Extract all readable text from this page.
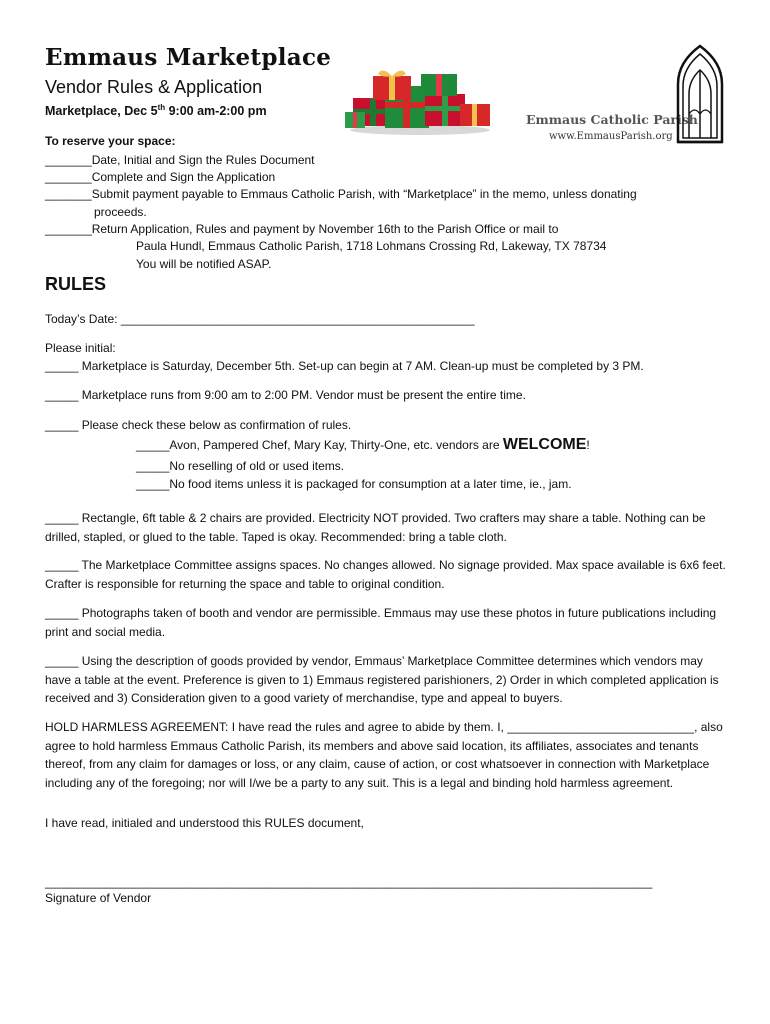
Emmaus Marketplace
Vendor Rules & Application
Marketplace, Dec 5th 9:00 am-2:00 pm
Emmaus Catholic Parish
www.EmmausParish.org
To reserve your space:
_______Date, Initial and Sign the Rules Document
_______Complete and Sign the Application
_______Submit payment payable to Emmaus Catholic Parish, with “Marketplace” in the memo, unless donating
proceeds.
_______Return Application, Rules and payment by November 16th to the Parish Office or mail to
Paula Hundl, Emmaus Catholic Parish, 1718 Lohmans Crossing Rd, Lakeway, TX 78734
You will be notified ASAP.
RULES
Today’s Date: _____________________________________________________
Please initial:
_____ Marketplace is Saturday, December 5th. Set-up can begin at 7 AM. Clean-up must be completed by 3 PM.
_____ Marketplace runs from 9:00 am to 2:00 PM. Vendor must be present the entire time.
_____ Please check these below as confirmation of rules.
_____Avon, Pampered Chef, Mary Kay, Thirty-One, etc. vendors are WELCOME!
_____No reselling of old or used items.
_____No food items unless it is packaged for consumption at a later time, ie., jam.
_____ Rectangle, 6ft table & 2 chairs are provided. Electricity NOT provided. Two crafters may share a table. Nothing can be drilled, stapled, or glued to the table. Taped is okay. Recommended: bring a table cloth.
_____ The Marketplace Committee assigns spaces. No changes allowed. No signage provided. Max space available is 6x6 feet. Crafter is responsible for returning the space and table to original condition.
_____ Photographs taken of booth and vendor are permissible. Emmaus may use these photos in future publications including print and social media.
_____ Using the description of goods provided by vendor, Emmaus’ Marketplace Committee determines which vendors may have a table at the event. Preference is given to 1) Emmaus registered parishioners, 2) Order in which completed application is received and 3) Consideration given to a good variety of merchandise, type and appeal to buyers.
HOLD HARMLESS AGREEMENT: I have read the rules and agree to abide by them. I, ____________________________, also agree to hold harmless Emmaus Catholic Parish, its members and above said location, its affiliates, associates and tenants thereof, from any claim for damages or loss, or any claim, cause of action, or cost whatsoever in connection with Marketplace including any of the foregoing; nor will I/we be a party to any suit. This is a legal and binding hold harmless agreement.
I have read, initialed and understood this RULES document,
___________________________________________________________________________________________
Signature of Vendor
